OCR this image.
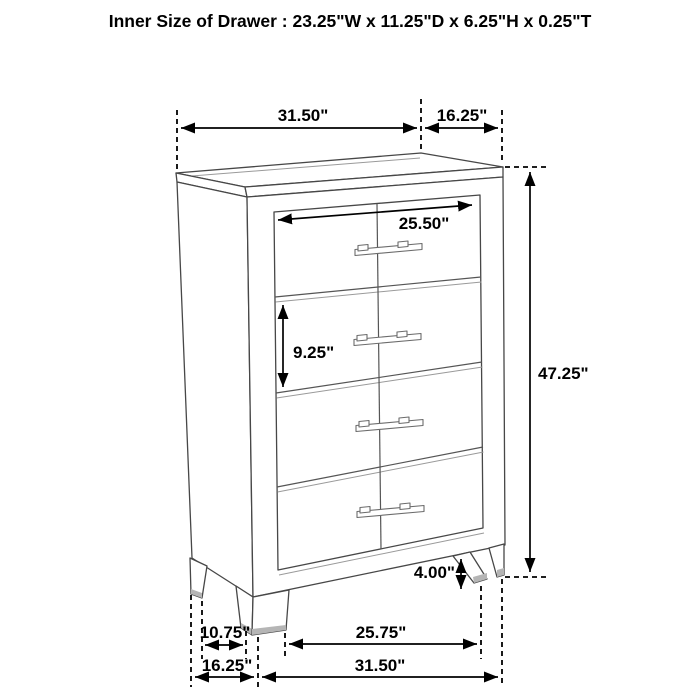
Inner Size of Drawer : 23.25"W x 11.25"D x 6.25"H x 0.25"T
31.50"	16.25"
47.25"
25.50"
9.25"
4.00"
10.75"	25.75"
16.25"	31.50"
